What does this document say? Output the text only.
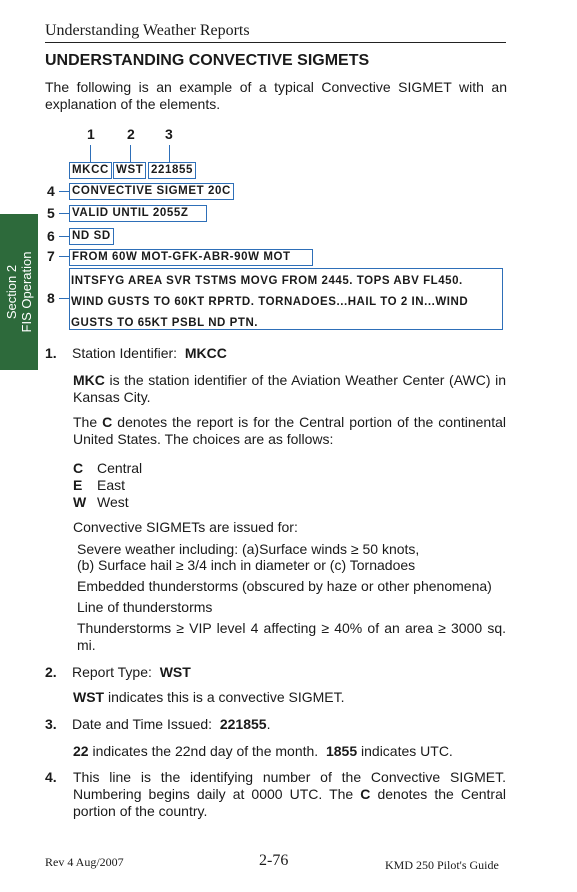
Understanding Weather Reports
UNDERSTANDING CONVECTIVE SIGMETS
The following is an example of a typical Convective SIGMET with an explanation of the elements.
1 2 3
MKCC WST 221855
4 CONVECTIVE SIGMET 20C
5 VALID UNTIL 2055Z
6 ND SD
7 FROM 60W MOT-GFK-ABR-90W MOT
8
INTSFYG AREA SVR TSTMS MOVG FROM 2445. TOPS ABV FL450.
WIND GUSTS TO 60KT RPRTD. TORNADOES...HAIL TO 2 IN...WIND
GUSTS TO 65KT PSBL ND PTN.
Section 2 FIS Operation
1. Station Identifier: MKCC
MKC is the station identifier of the Aviation Weather Center (AWC) in Kansas City.
The C denotes the report is for the Central portion of the continental United States. The choices are as follows:
C Central
E East
W West
Convective SIGMETs are issued for:
Severe weather including: (a)Surface winds ≥ 50 knots,
(b) Surface hail ≥ 3/4 inch in diameter or (c) Tornadoes
Embedded thunderstorms (obscured by haze or other phenomena)
Line of thunderstorms
Thunderstorms ≥ VIP level 4 affecting ≥ 40% of an area ≥ 3000 sq. mi.
2. Report Type: WST
WST indicates this is a convective SIGMET.
3. Date and Time Issued: 221855.
22 indicates the 22nd day of the month. 1855 indicates UTC.
4. This line is the identifying number of the Convective SIGMET. Numbering begins daily at 0000 UTC. The C denotes the Central portion of the country.
Rev 4 Aug/2007	2-76	KMD 250 Pilot's Guide
